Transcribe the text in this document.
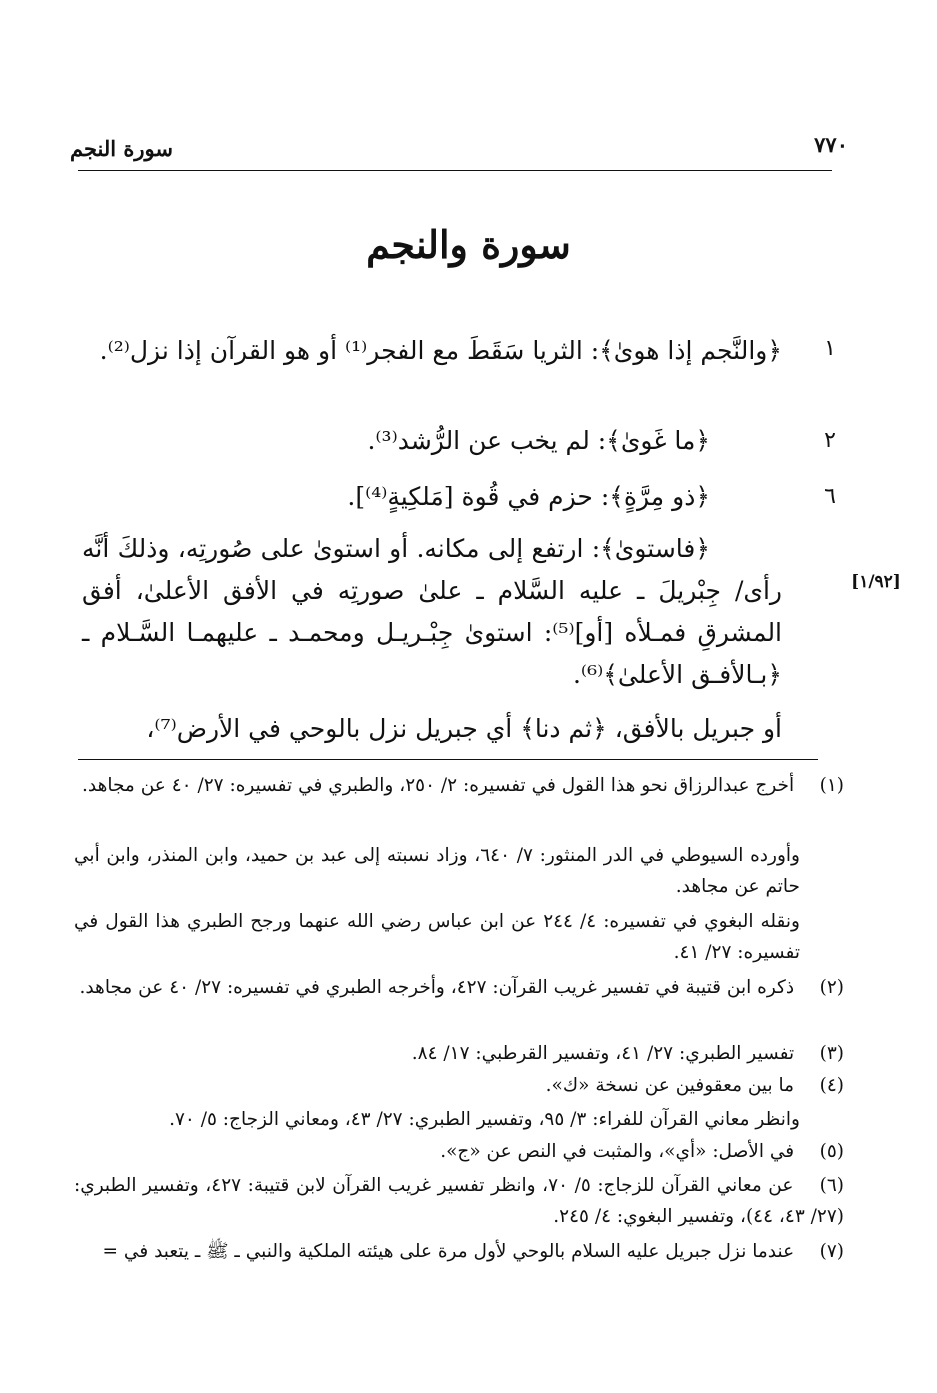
٧٧٠
سورة النجم
سورة والنجم
١
﴿والنَّجم إذا هوىٰ﴾: الثريا سَقَطَ مع الفجر⁽¹⁾ أو هو القرآن إذا نزل⁽²⁾.
٢
﴿ما غَوىٰ﴾: لم يخب عن الرُّشد⁽³⁾.
٦
﴿ذو مِرَّةٍ﴾: حزم في قُوة [مَلكِيةٍ⁽⁴⁾].
﴿فاستوىٰ﴾: ارتفع إلى مكانه. أو استوىٰ على صُورتِه، وذلكَ أنَّه رأى/ جِبْريلَ ـ عليه السَّلام ـ علىٰ صورتِه في الأفق الأعلىٰ، أفق المشرقِ فمـلأه [أو]⁽⁵⁾: استوىٰ جِبْـريـل ومحمـد ـ عليهمـا السَّـلام ـ ﴿بـالأفـق الأعلىٰ﴾⁽⁶⁾.
[١/٩٢]
أو جبريل بالأفق، ﴿ثم دنا﴾ أي جبريل نزل بالوحي في الأرض⁽⁷⁾،
(١) أخرج عبدالرزاق نحو هذا القول في تفسيره: ٢/ ٢٥٠، والطبري في تفسيره: ٢٧/ ٤٠ عن مجاهد.
وأورده السيوطي في الدر المنثور: ٧/ ٦٤٠، وزاد نسبته إلى عبد بن حميد، وابن المنذر، وابن أبي حاتم عن مجاهد.
ونقله البغوي في تفسيره: ٤/ ٢٤٤ عن ابن عباس رضي الله عنهما ورجح الطبري هذا القول في تفسيره: ٢٧/ ٤١.
(٢) ذكره ابن قتيبة في تفسير غريب القرآن: ٤٢٧، وأخرجه الطبري في تفسيره: ٢٧/ ٤٠ عن مجاهد.
(٣) تفسير الطبري: ٢٧/ ٤١، وتفسير القرطبي: ١٧/ ٨٤.
(٤) ما بين معقوفين عن نسخة «ك».
وانظر معاني القرآن للفراء: ٣/ ٩٥، وتفسير الطبري: ٢٧/ ٤٣، ومعاني الزجاج: ٥/ ٧٠.
(٥) في الأصل: «أي»، والمثبت في النص عن «ج».
(٦) عن معاني القرآن للزجاج: ٥/ ٧٠، وانظر تفسير غريب القرآن لابن قتيبة: ٤٢٧، وتفسير الطبري: (٢٧/ ٤٣، ٤٤)، وتفسير البغوي: ٤/ ٢٤٥.
(٧) عندما نزل جبريل عليه السلام بالوحي لأول مرة على هيئته الملكية والنبي ـ ﷺ ـ يتعبد في =
